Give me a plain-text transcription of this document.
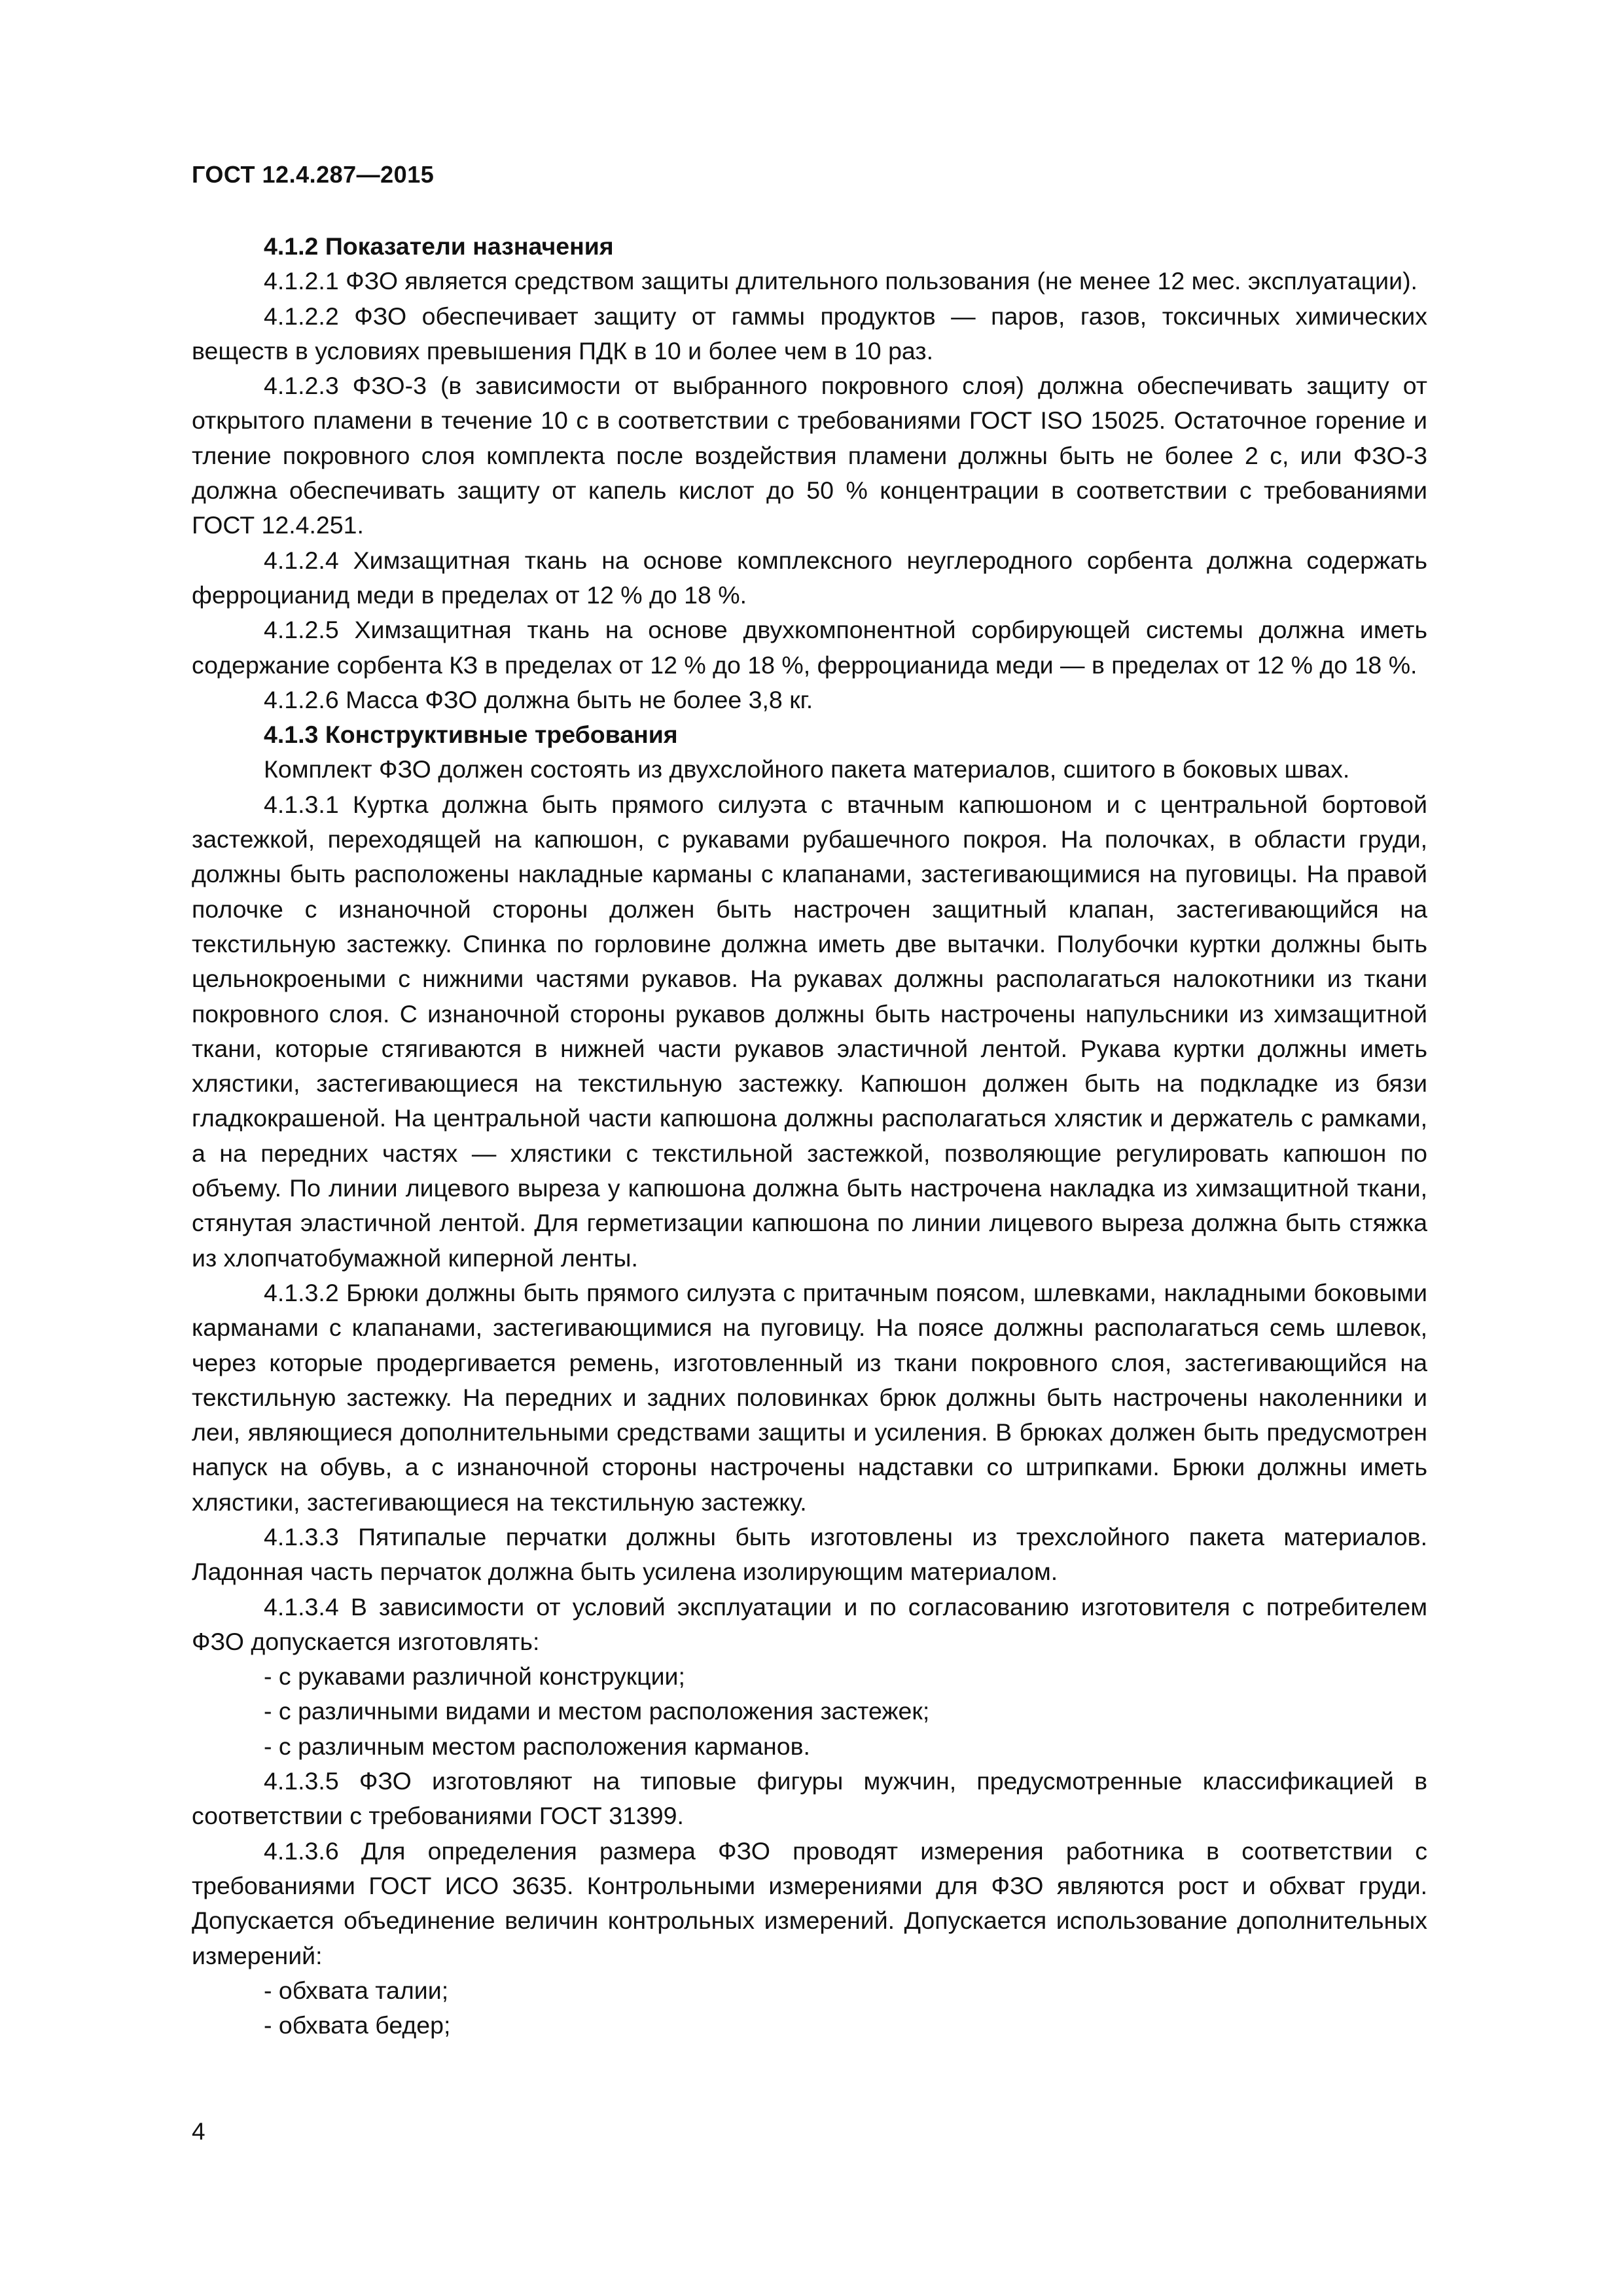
ГОСТ 12.4.287—2015

4.1.2 Показатели назначения

4.1.2.1 ФЗО является средством защиты длительного пользования (не менее 12 мес. эксплуатации).

4.1.2.2 ФЗО обеспечивает защиту от гаммы продуктов — паров, газов, токсичных химических веществ в условиях превышения ПДК в 10 и более чем в 10 раз.

4.1.2.3 ФЗО-3 (в зависимости от выбранного покровного слоя) должна обеспечивать защиту от открытого пламени в течение 10 с в соответствии с требованиями ГОСТ ISO 15025. Остаточное горение и тление покровного слоя комплекта после воздействия пламени должны быть не более 2 с, или ФЗО-3 должна обеспечивать защиту от капель кислот до 50 % концентрации в соответствии с требованиями ГОСТ 12.4.251.

4.1.2.4 Химзащитная ткань на основе комплексного неуглеродного сорбента должна содержать ферроцианид меди в пределах от 12 % до 18 %.

4.1.2.5 Химзащитная ткань на основе двухкомпонентной сорбирующей системы должна иметь содержание сорбента КЗ в пределах от 12 % до 18 %, ферроцианида меди — в пределах от 12 % до 18 %.

4.1.2.6 Масса ФЗО должна быть не более 3,8 кг.

4.1.3 Конструктивные требования

Комплект ФЗО должен состоять из двухслойного пакета материалов, сшитого в боковых швах.

4.1.3.1 Куртка должна быть прямого силуэта с втачным капюшоном и с центральной бортовой застежкой, переходящей на капюшон, с рукавами рубашечного покроя. На полочках, в области груди, должны быть расположены накладные карманы с клапанами, застегивающимися на пуговицы. На правой полочке с изнаночной стороны должен быть настрочен защитный клапан, застегивающийся на текстильную застежку. Спинка по горловине должна иметь две вытачки. Полубочки куртки должны быть цельнокроеными с нижними частями рукавов. На рукавах должны располагаться налокотники из ткани покровного слоя. С изнаночной стороны рукавов должны быть настрочены напульсники из химзащитной ткани, которые стягиваются в нижней части рукавов эластичной лентой. Рукава куртки должны иметь хлястики, застегивающиеся на текстильную застежку. Капюшон должен быть на подкладке из бязи гладкокрашеной. На центральной части капюшона должны располагаться хлястик и держатель с рамками, а на передних частях — хлястики с текстильной застежкой, позволяющие регулировать капюшон по объему. По линии лицевого выреза у капюшона должна быть настрочена накладка из химзащитной ткани, стянутая эластичной лентой. Для герметизации капюшона по линии лицевого выреза должна быть стяжка из хлопчатобумажной киперной ленты.

4.1.3.2 Брюки должны быть прямого силуэта с притачным поясом, шлевками, накладными боковыми карманами с клапанами, застегивающимися на пуговицу. На поясе должны располагаться семь шлевок, через которые продергивается ремень, изготовленный из ткани покровного слоя, застегивающийся на текстильную застежку. На передних и задних половинках брюк должны быть настрочены наколенники и леи, являющиеся дополнительными средствами защиты и усиления. В брюках должен быть предусмотрен напуск на обувь, а с изнаночной стороны настрочены надставки со штрипками. Брюки должны иметь хлястики, застегивающиеся на текстильную застежку.

4.1.3.3 Пятипалые перчатки должны быть изготовлены из трехслойного пакета материалов. Ладонная часть перчаток должна быть усилена изолирующим материалом.

4.1.3.4 В зависимости от условий эксплуатации и по согласованию изготовителя с потребителем ФЗО допускается изготовлять:

- с рукавами различной конструкции;

- с различными видами и местом расположения застежек;

- с различным местом расположения карманов.

4.1.3.5 ФЗО изготовляют на типовые фигуры мужчин, предусмотренные классификацией в соответствии с требованиями ГОСТ 31399.

4.1.3.6 Для определения размера ФЗО проводят измерения работника в соответствии с требованиями ГОСТ ИСО 3635. Контрольными измерениями для ФЗО являются рост и обхват груди. Допускается объединение величин контрольных измерений. Допускается использование дополнительных измерений:

- обхвата талии;

- обхвата бедер;

4
